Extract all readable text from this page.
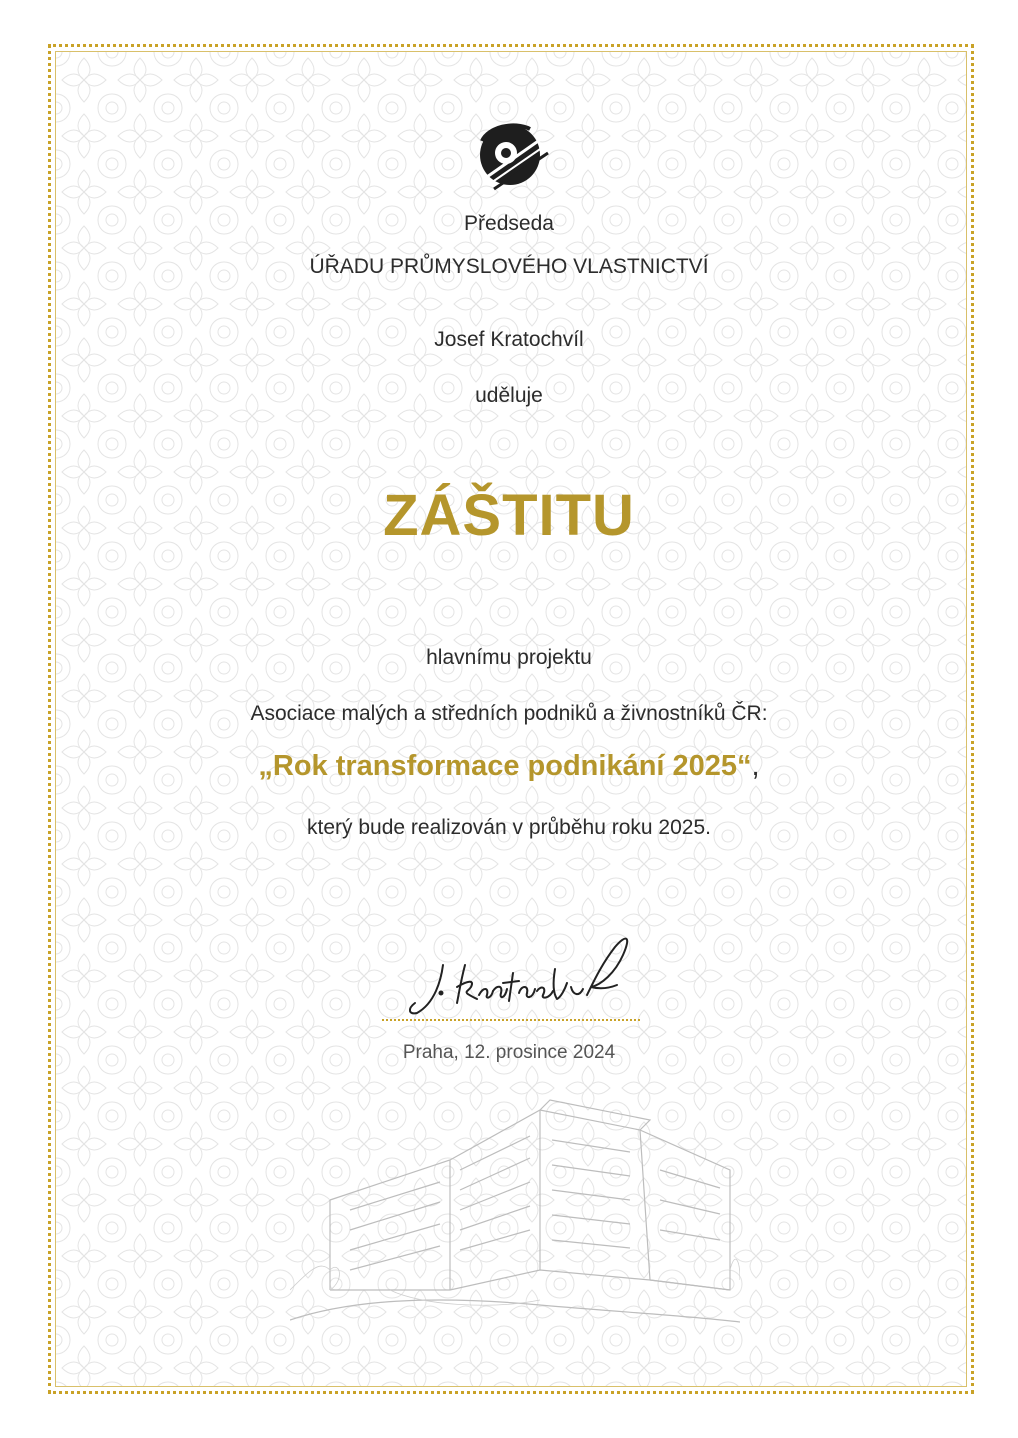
Předseda
ÚŘADU PRŮMYSLOVÉHO VLASTNICTVÍ
Josef Kratochvíl
uděluje
ZÁŠTITU
hlavnímu projektu
Asociace malých a středních podniků a živnostníků ČR:
„Rok transformace podnikání 2025“,
který bude realizován v průběhu roku 2025.
Praha, 12. prosince 2024
